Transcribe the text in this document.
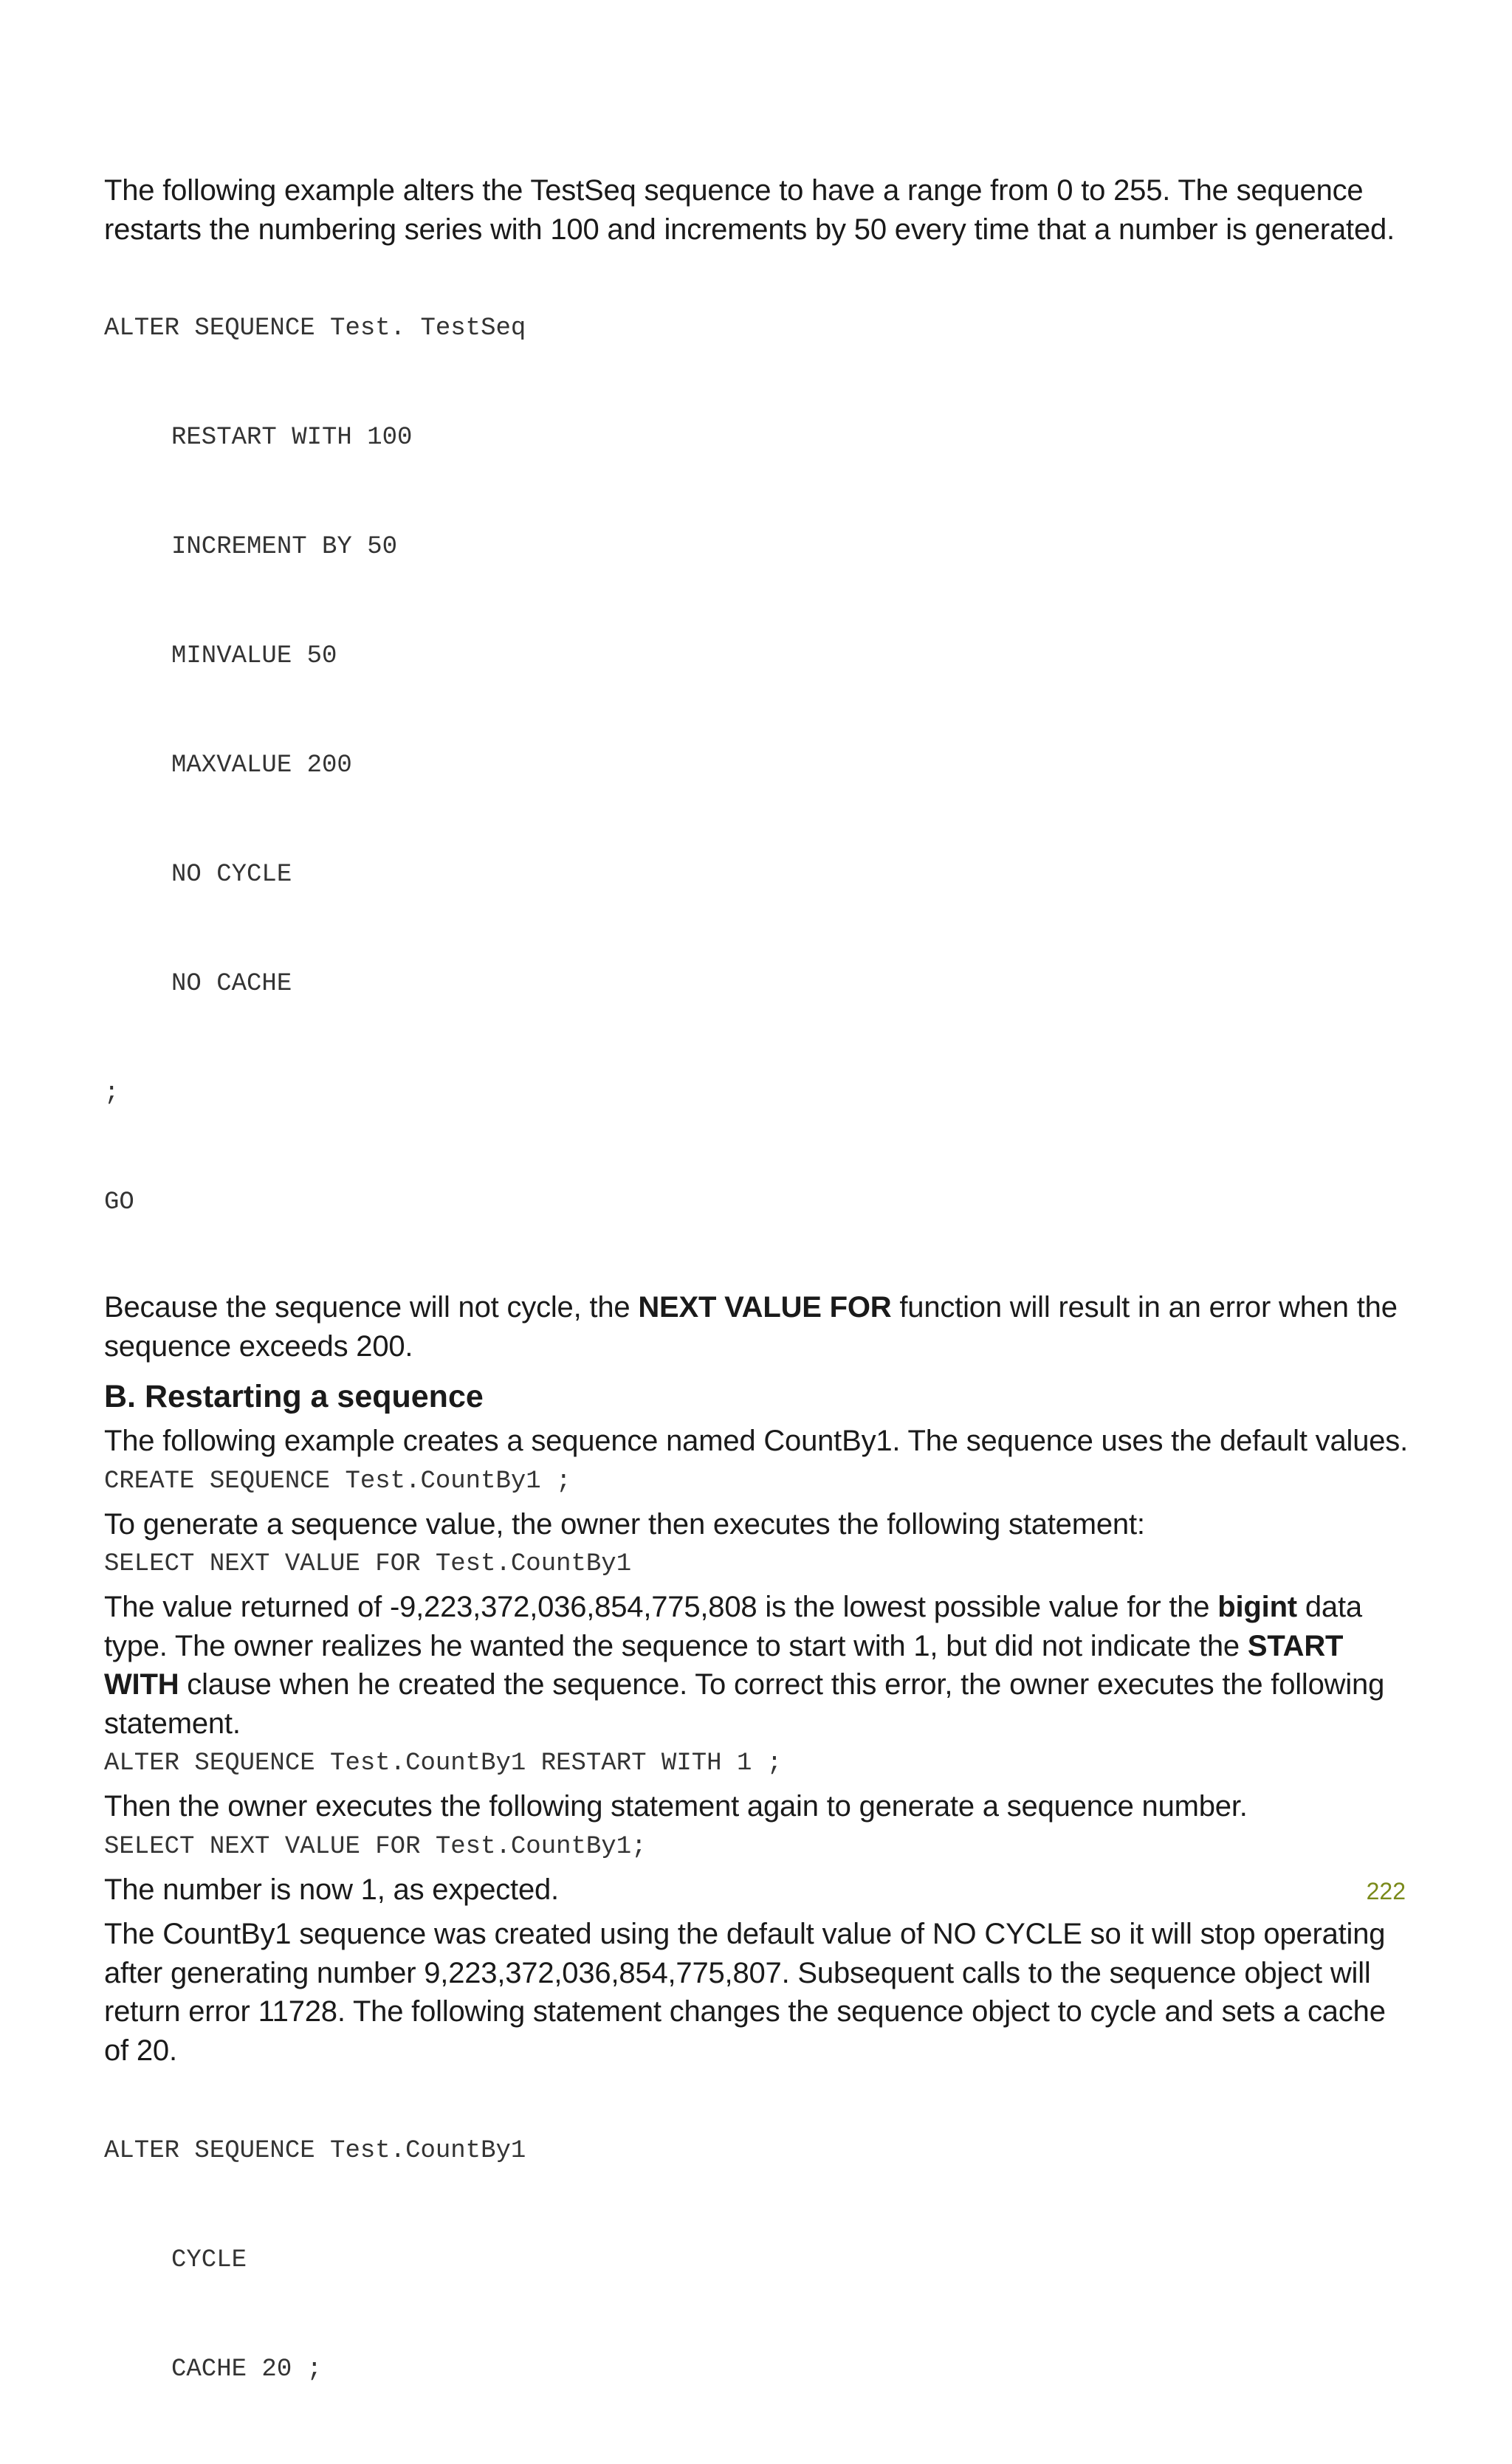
The following example alters the TestSeq sequence to have a range from 0 to 255. The sequence restarts the numbering series with 100 and increments by 50 every time that a number is generated.

ALTER SEQUENCE Test. TestSeq

RESTART WITH 100

INCREMENT BY 50

MINVALUE 50

MAXVALUE 200

NO CYCLE

NO CACHE

;

GO

Because the sequence will not cycle, the NEXT VALUE FOR function will result in an error when the sequence exceeds 200.

B. Restarting a sequence

The following example creates a sequence named CountBy1. The sequence uses the default values.

CREATE SEQUENCE Test.CountBy1 ;

To generate a sequence value, the owner then executes the following statement:

SELECT NEXT VALUE FOR Test.CountBy1

The value returned of -9,223,372,036,854,775,808 is the lowest possible value for the bigint data type. The owner realizes he wanted the sequence to start with 1, but did not indicate the START WITH clause when he created the sequence. To correct this error, the owner executes the following statement.

ALTER SEQUENCE Test.CountBy1 RESTART WITH 1 ;

Then the owner executes the following statement again to generate a sequence number.

SELECT NEXT VALUE FOR Test.CountBy1;

The number is now 1, as expected.

The CountBy1 sequence was created using the default value of NO CYCLE so it will stop operating after generating number 9,223,372,036,854,775,807. Subsequent calls to the sequence object will return error 11728. The following statement changes the sequence object to cycle and sets a cache of 20.

ALTER SEQUENCE Test.CountBy1

CYCLE

CACHE 20 ;

222
